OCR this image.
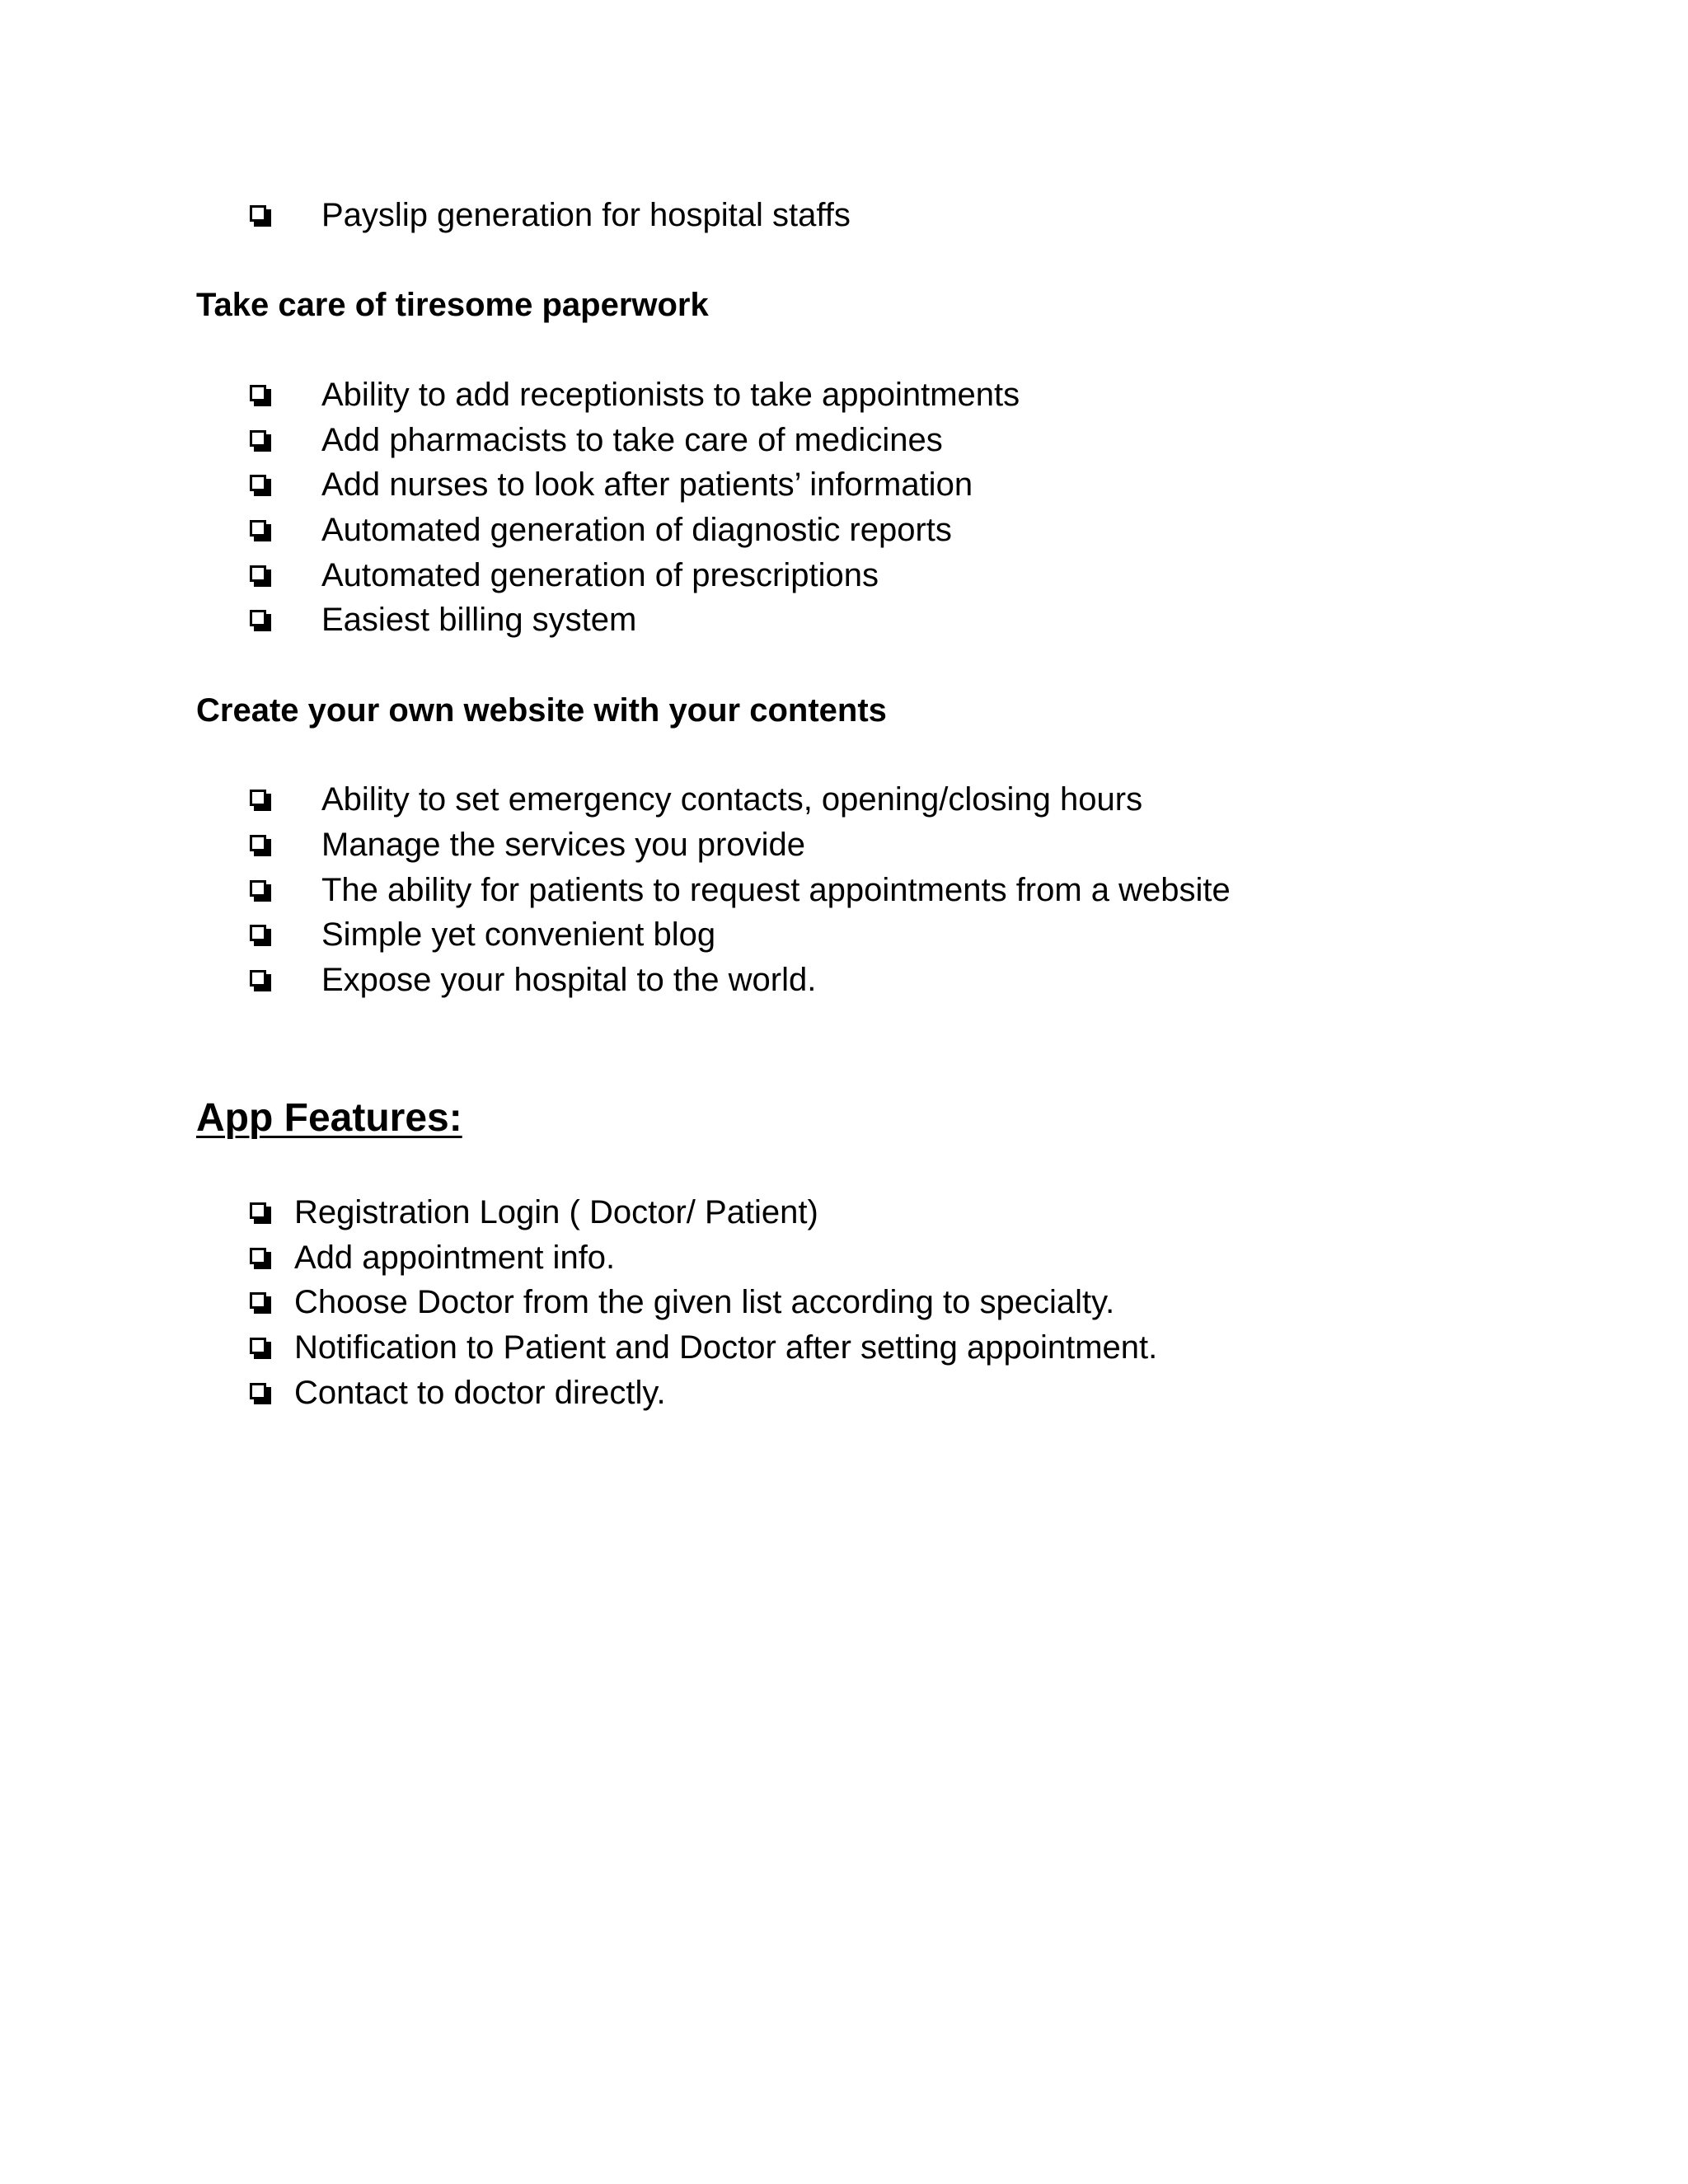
Payslip generation for hospital staffs
Take care of tiresome paperwork
Ability to add receptionists to take appointments
Add pharmacists to take care of medicines
Add nurses to look after patients’ information
Automated generation of diagnostic reports
Automated generation of prescriptions
Easiest billing system
Create your own website with your contents
Ability to set emergency contacts, opening/closing hours
Manage the services you provide
The ability for patients to request appointments from a website
Simple yet convenient blog
Expose your hospital to the world.
App Features:
Registration Login ( Doctor/ Patient)
Add appointment info.
Choose Doctor from the given list according to specialty.
Notification to Patient and Doctor after setting appointment.
Contact to doctor directly.
